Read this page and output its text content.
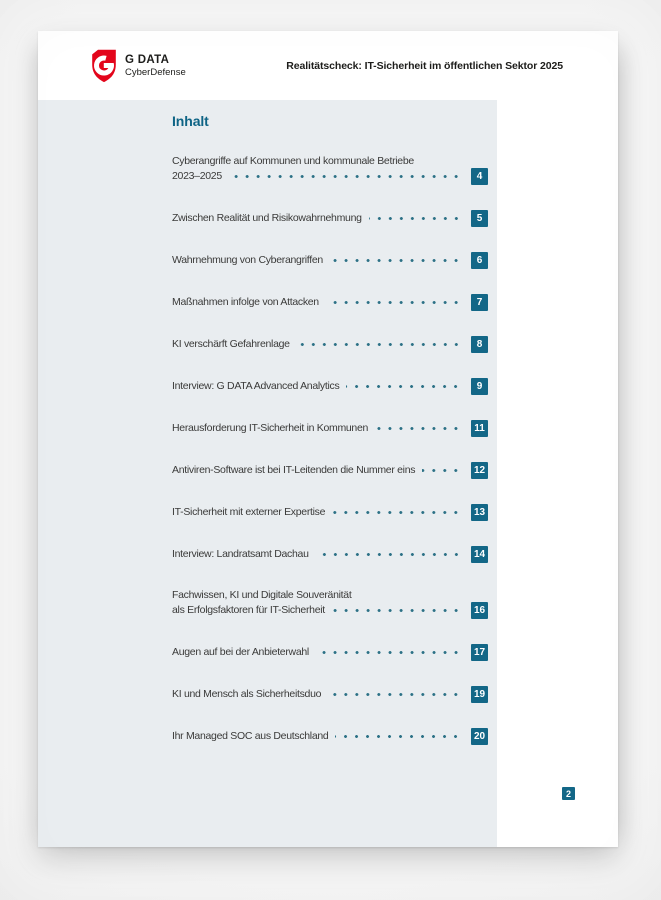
G DATA
CyberDefense
Realitätscheck: IT-Sicherheit im öffentlichen Sektor 2025
Inhalt
Cyberangriffe auf Kommunen und kommunale Betriebe
2023–2025	4
Zwischen Realität und Risikowahrnehmung	5
Wahrnehmung von Cyberangriffen	6
Maßnahmen infolge von Attacken	7
KI verschärft Gefahrenlage	8
Interview: G DATA Advanced Analytics	9
Herausforderung IT-Sicherheit in Kommunen	11
Antiviren-Software ist bei IT-Leitenden die Nummer eins	12
IT-Sicherheit mit externer Expertise	13
Interview: Landratsamt Dachau	14
Fachwissen, KI und Digitale Souveränität
als Erfolgsfaktoren für IT-Sicherheit	16
Augen auf bei der Anbieterwahl	17
KI und Mensch als Sicherheitsduo	19
Ihr Managed SOC aus Deutschland	20
2
